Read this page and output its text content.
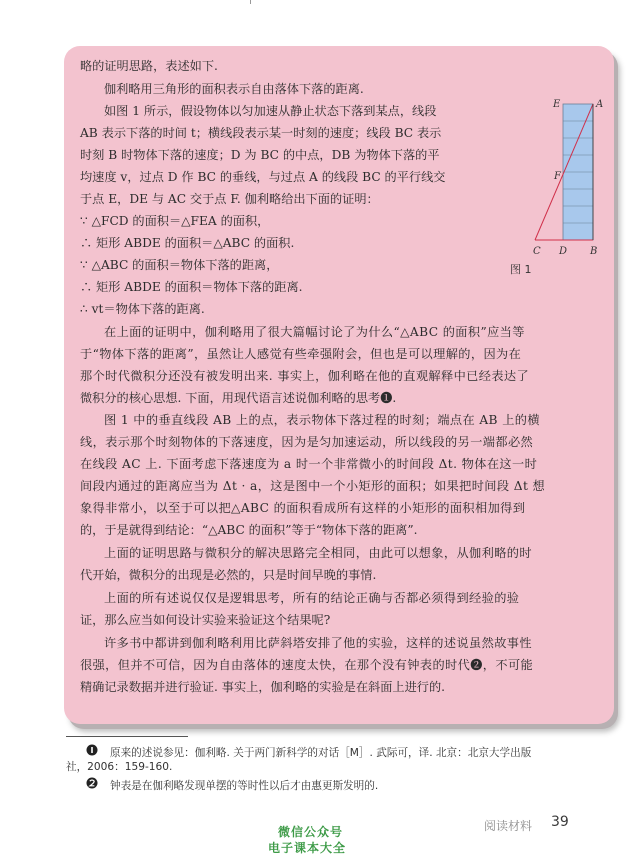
略的证明思路，表述如下.
伽利略用三角形的面积表示自由落体下落的距离.
如图 1 所示，假设物体以匀加速从静止状态下落到某点，线段
AB 表示下落的时间 t；横线段表示某一时刻的速度；线段 BC 表示
时刻 B 时物体下落的速度；D 为 BC 的中点，DB 为物体下落的平
均速度 v，过点 D 作 BC 的垂线，与过点 A 的线段 BC 的平行线交
于点 E，DE 与 AC 交于点 F. 伽利略给出下面的证明：
∵ △FCD 的面积＝△FEA 的面积，
∴ 矩形 ABDE 的面积＝△ABC 的面积.
∵ △ABC 的面积＝物体下落的距离，
∴ 矩形 ABDE 的面积＝物体下落的距离.
∴ vt＝物体下落的距离.
在上面的证明中，伽利略用了很大篇幅讨论了为什么“△ABC 的面积”应当等
于“物体下落的距离”，虽然让人感觉有些牵强附会，但也是可以理解的，因为在
那个时代微积分还没有被发明出来. 事实上，伽利略在他的直观解释中已经表达了
微积分的核心思想. 下面，用现代语言述说伽利略的思考❶.
图 1 中的垂直线段 AB 上的点，表示物体下落过程的时刻；端点在 AB 上的横
线，表示那个时刻物体的下落速度，因为是匀加速运动，所以线段的另一端都必然
在线段 AC 上. 下面考虑下落速度为 a 时一个非常微小的时间段 Δt. 物体在这一时
间段内通过的距离应当为 Δt · a，这是图中一个小矩形的面积；如果把时间段 Δt 想
象得非常小，以至于可以把△ABC 的面积看成所有这样的小矩形的面积相加得到
的，于是就得到结论：“△ABC 的面积”等于“物体下落的距离”.
上面的证明思路与微积分的解决思路完全相同，由此可以想象，从伽利略的时
代开始，微积分的出现是必然的，只是时间早晚的事情.
上面的所有述说仅仅是逻辑思考，所有的结论正确与否都必须得到经验的验
证，那么应当如何设计实验来验证这个结果呢?
许多书中都讲到伽利略利用比萨斜塔安排了他的实验，这样的述说虽然故事性
很强，但并不可信，因为自由落体的速度太快，在那个没有钟表的时代❷，不可能
精确记录数据并进行验证. 事实上，伽利略的实验是在斜面上进行的.
E	A
F
C D B
图 1
原来的述说参见：伽利略. 关于两门新科学的对话［M］. 武际可，译. 北京：北京大学出版
社，2006：159-160.
钟表是在伽利略发现单摆的等时性以后才由惠更斯发明的.
阅读材料 39
微信公众号
电子课本大全
